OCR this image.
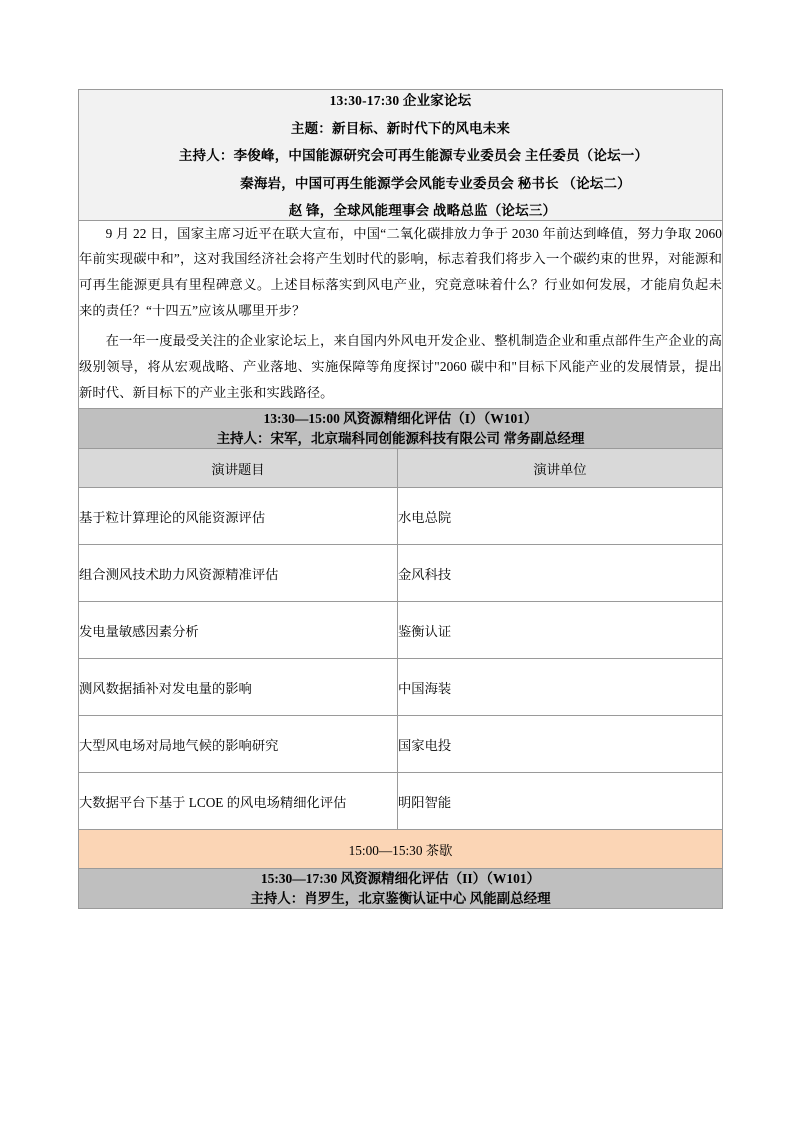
13:30-17:30 企业家论坛
主题：新目标、新时代下的风电未来
主持人：李俊峰，中国能源研究会可再生能源专业委员会 主任委员（论坛一）
秦海岩，中国可再生能源学会风能专业委员会 秘书长 （论坛二）
赵 锋，全球风能理事会 战略总监（论坛三）	

9 月 22 日，国家主席习近平在联大宣布，中国“二氧化碳排放力争于 2030 年前达到峰值，努力争取 2060 年前实现碳中和”，这对我国经济社会将产生划时代的影响，标志着我们将步入一个碳约束的世界，对能源和可再生能源更具有里程碑意义。上述目标落实到风电产业，究竟意味着什么？行业如何发展，才能肩负起未来的责任？“十四五”应该从哪里开步？

在一年一度最受关注的企业家论坛上，来自国内外风电开发企业、整机制造企业和重点部件生产企业的高级别领导，将从宏观战略、产业落地、实施保障等角度探讨"2060 碳中和"目标下风能产业的发展情景，提出新时代、新目标下的产业主张和实践路径。	

13:30—15:00 风资源精细化评估（I）（W101）
主持人：宋军，北京瑞科同创能源科技有限公司 常务副总经理	

演讲题目	演讲单位
基于粒计算理论的风能资源评估	水电总院
组合测风技术助力风资源精准评估	金风科技
发电量敏感因素分析	鉴衡认证
测风数据插补对发电量的影响	中国海装
大型风电场对局地气候的影响研究	国家电投
大数据平台下基于 LCOE 的风电场精细化评估	明阳智能
15:00—15:30 茶歇	

15:30—17:30 风资源精细化评估（II）（W101）
主持人：肖罗生，北京鉴衡认证中心 风能副总经理	
